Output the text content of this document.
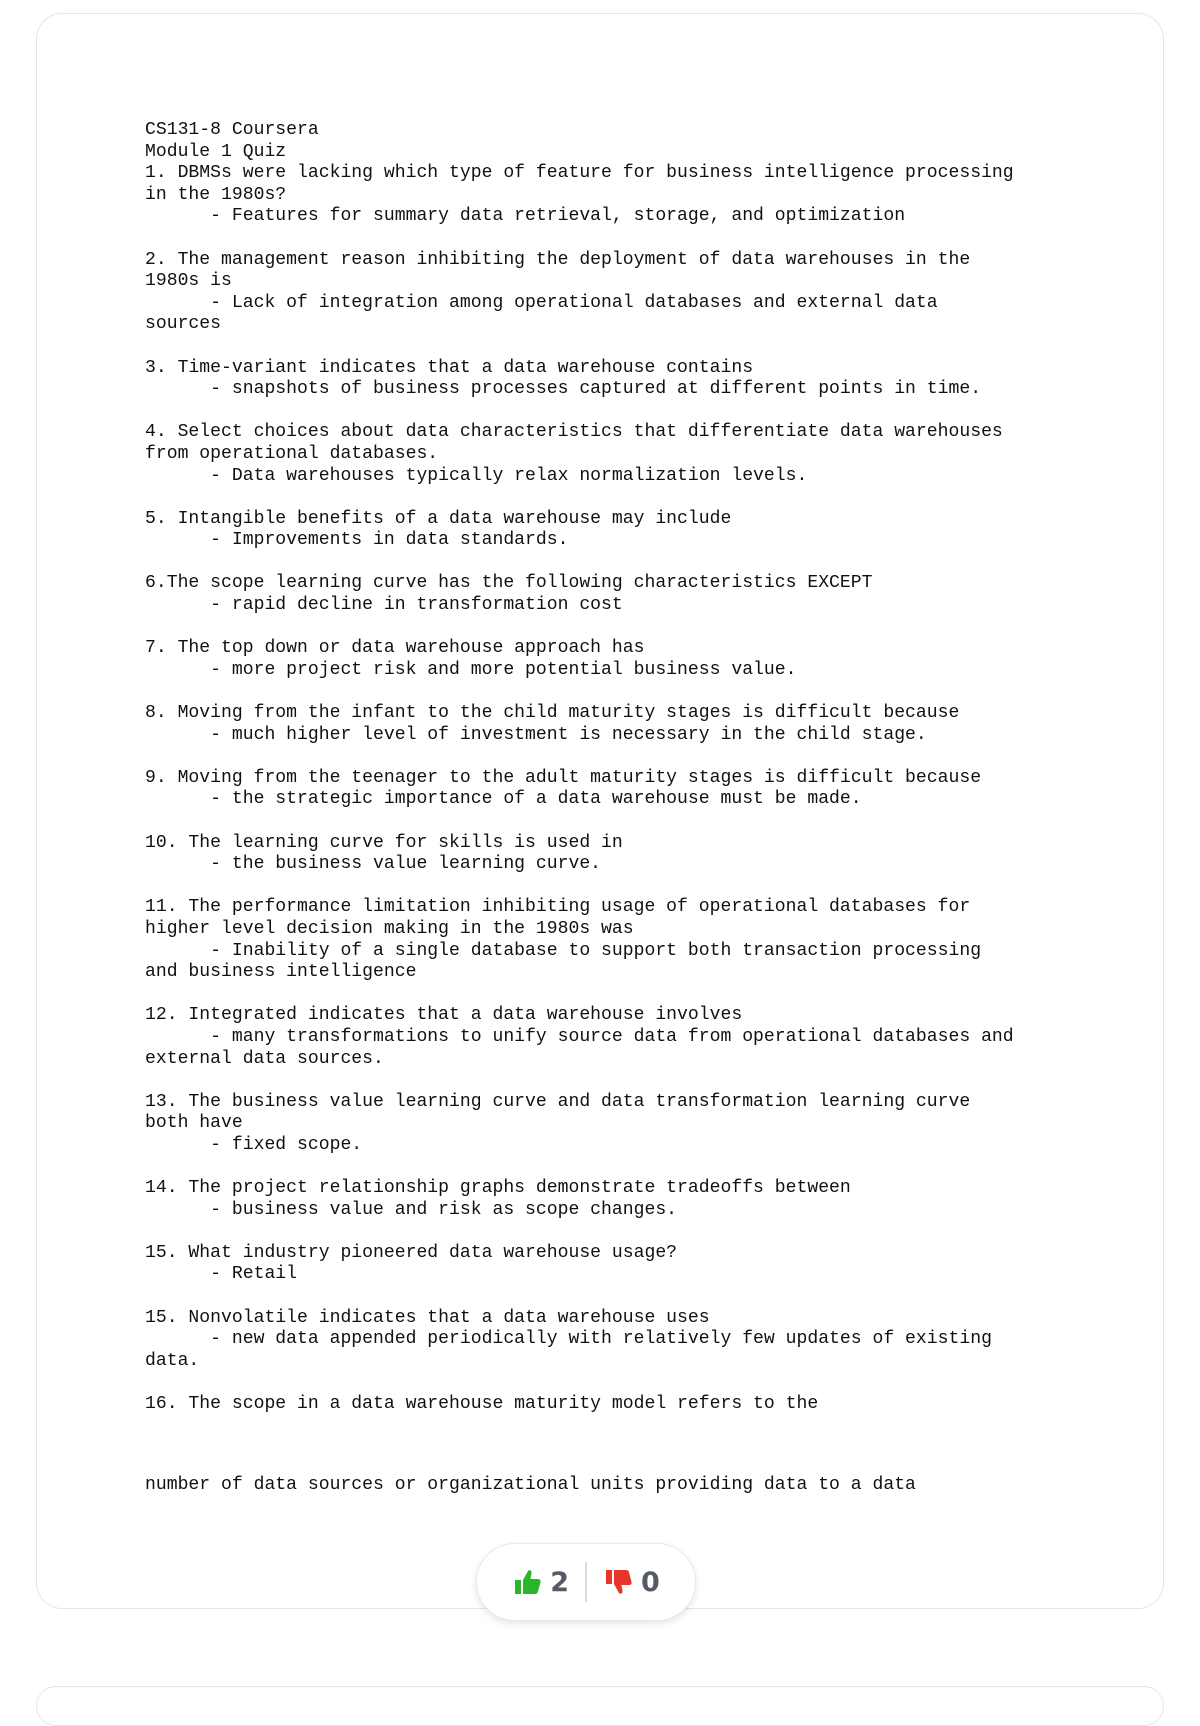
CS131-8 Coursera
Module 1 Quiz
1. DBMSs were lacking which type of feature for business intelligence processing
in the 1980s?
- Features for summary data retrieval, storage, and optimization

2. The management reason inhibiting the deployment of data warehouses in the
1980s is
- Lack of integration among operational databases and external data
sources

3. Time-variant indicates that a data warehouse contains
- snapshots of business processes captured at different points in time.

4. Select choices about data characteristics that differentiate data warehouses
from operational databases.
- Data warehouses typically relax normalization levels.

5. Intangible benefits of a data warehouse may include
- Improvements in data standards.

6.The scope learning curve has the following characteristics EXCEPT
- rapid decline in transformation cost

7. The top down or data warehouse approach has
- more project risk and more potential business value.

8. Moving from the infant to the child maturity stages is difficult because
- much higher level of investment is necessary in the child stage.

9. Moving from the teenager to the adult maturity stages is difficult because
- the strategic importance of a data warehouse must be made.

10. The learning curve for skills is used in
- the business value learning curve.

11. The performance limitation inhibiting usage of operational databases for
higher level decision making in the 1980s was
- Inability of a single database to support both transaction processing
and business intelligence

12. Integrated indicates that a data warehouse involves
- many transformations to unify source data from operational databases and
external data sources.

13. The business value learning curve and data transformation learning curve
both have
- fixed scope.

14. The project relationship graphs demonstrate tradeoffs between
- business value and risk as scope changes.

15. What industry pioneered data warehouse usage?
- Retail

15. Nonvolatile indicates that a data warehouse uses
- new data appended periodically with relatively few updates of existing
data.

16. The scope in a data warehouse maturity model refers to the
number of data sources or organizational units providing data to a data
2	0
